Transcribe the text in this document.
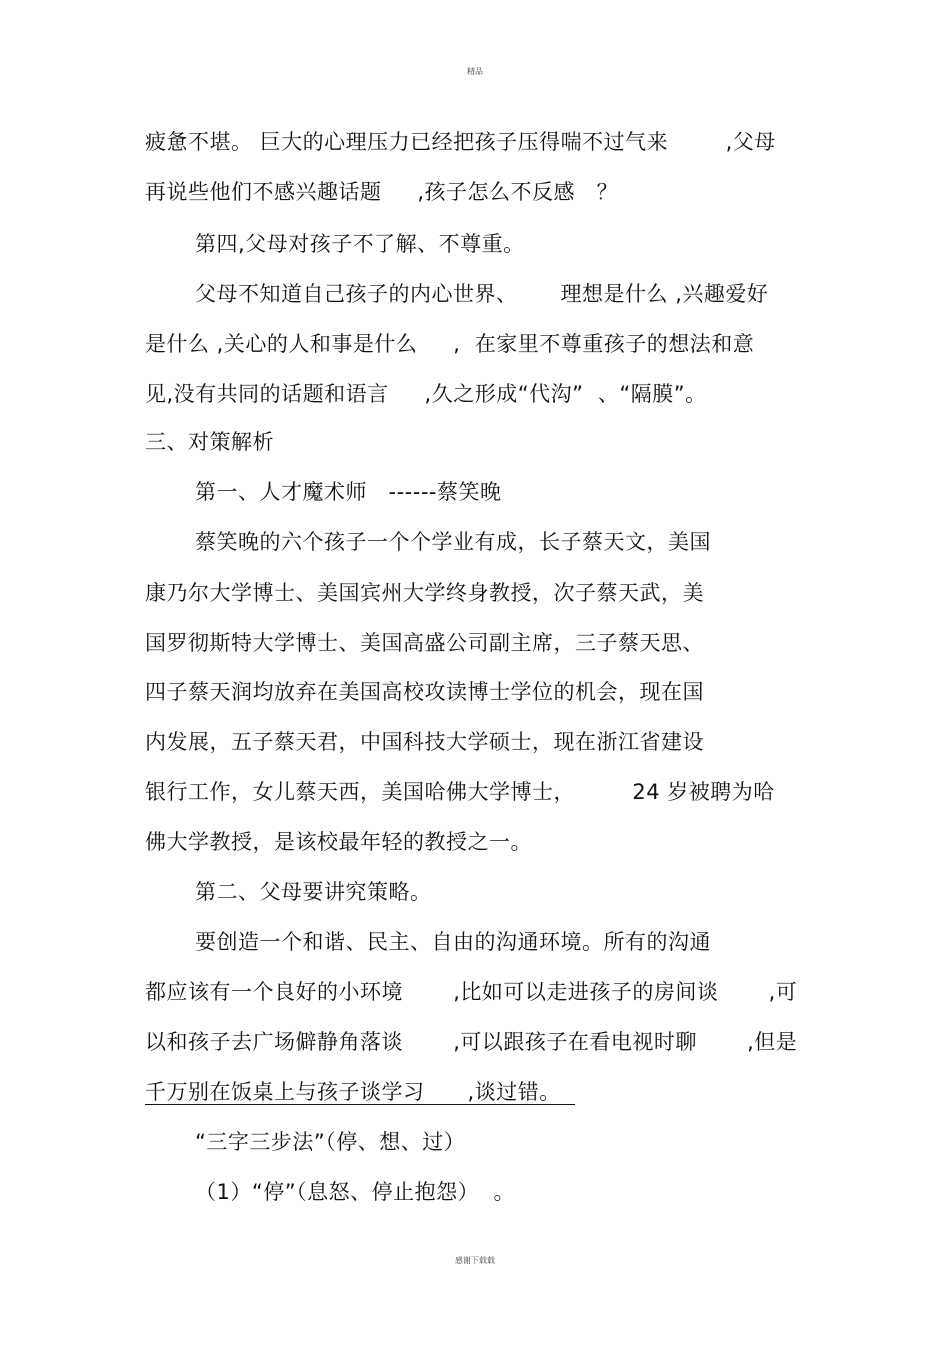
精品
疲惫不堪。 巨大的心理压力已经把孩子压得喘不过气来        ,父母
再说些他们不感兴趣话题     ,孩子怎么不反感   ？
第四,父母对孩子不了解、不尊重。
父母不知道自己孩子的内心世界、      理想是什么 ,兴趣爱好
是什么 ,关心的人和事是什么     ,  在家里不尊重孩子的想法和意
见,没有共同的话题和语言     ,久之形成“代沟”  、“隔膜”。
三、对策解析
第一、人才魔术师   ------蔡笑晚
蔡笑晚的六个孩子一个个学业有成，长子蔡天文，美国
康乃尔大学博士、美国宾州大学终身教授，次子蔡天武，美
国罗彻斯特大学博士、美国高盛公司副主席，三子蔡天思、
四子蔡天润均放弃在美国高校攻读博士学位的机会，现在国
内发展，五子蔡天君，中国科技大学硕士，现在浙江省建设
银行工作，女儿蔡天西，美国哈佛大学博士，        24 岁被聘为哈
佛大学教授，是该校最年轻的教授之一。
第二、父母要讲究策略。
要创造一个和谐、民主、自由的沟通环境。所有的沟通
都应该有一个良好的小环境       ,比如可以走进孩子的房间谈       ,可
以和孩子去广场僻静角落谈       ,可以跟孩子在看电视时聊       ,但是
千万别在饭桌上与孩子谈学习      ,谈过错。
“三字三步法”（停、想、过）
（1）“停”（息怒、停止抱怨）  。
感谢下载载
